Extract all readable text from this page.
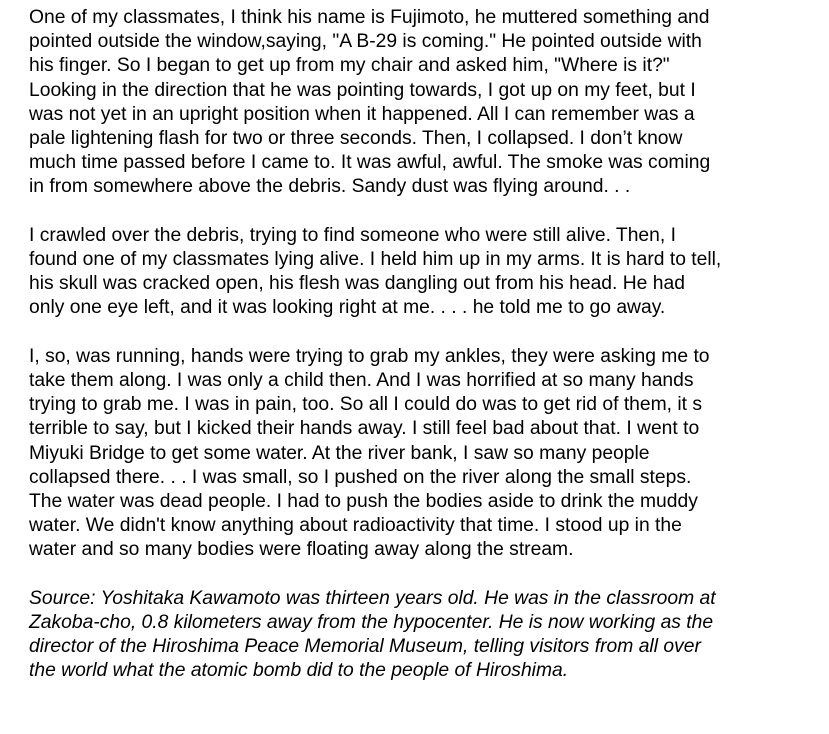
One of my classmates, I think his name is Fujimoto, he muttered something and
pointed outside the window,saying, "A B-29 is coming." He pointed outside with
his finger. So I began to get up from my chair and asked him, "Where is it?"
Looking in the direction that he was pointing towards, I got up on my feet, but I
was not yet in an upright position when it happened. All I can remember was a
pale lightening flash for two or three seconds. Then, I collapsed. I don’t know
much time passed before I came to. It was awful, awful. The smoke was coming
in from somewhere above the debris. Sandy dust was flying around. . .

I crawled over the debris, trying to find someone who were still alive. Then, I
found one of my classmates lying alive. I held him up in my arms. It is hard to tell,
his skull was cracked open, his flesh was dangling out from his head. He had
only one eye left, and it was looking right at me. . . . he told me to go away.

I, so, was running, hands were trying to grab my ankles, they were asking me to
take them along. I was only a child then. And I was horrified at so many hands
trying to grab me. I was in pain, too. So all I could do was to get rid of them, it s
terrible to say, but I kicked their hands away. I still feel bad about that. I went to
Miyuki Bridge to get some water. At the river bank, I saw so many people
collapsed there. . . I was small, so I pushed on the river along the small steps.
The water was dead people. I had to push the bodies aside to drink the muddy
water. We didn't know anything about radioactivity that time. I stood up in the
water and so many bodies were floating away along the stream.

Source: Yoshitaka Kawamoto was thirteen years old. He was in the classroom at
Zakoba-cho, 0.8 kilometers away from the hypocenter. He is now working as the
director of the Hiroshima Peace Memorial Museum, telling visitors from all over
the world what the atomic bomb did to the people of Hiroshima.
